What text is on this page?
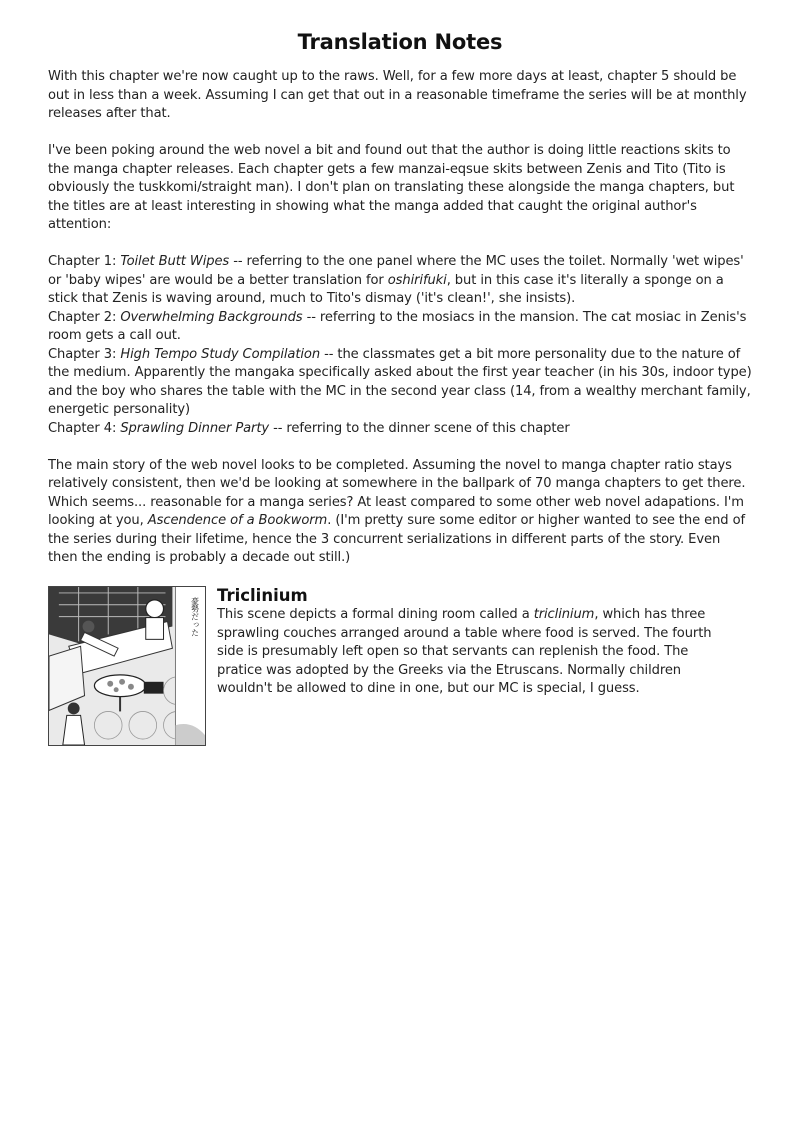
Translation Notes

With this chapter we're now caught up to the raws. Well, for a few more days at least, chapter 5 should be out in less than a week. Assuming I can get that out in a reasonable timeframe the series will be at monthly releases after that.

I've been poking around the web novel a bit and found out that the author is doing little reactions skits to the manga chapter releases. Each chapter gets a few manzai-eqsue skits between Zenis and Tito (Tito is obviously the tuskkomi/straight man). I don't plan on translating these alongside the manga chapters, but the titles are at least interesting in showing what the manga added that caught the original author's attention:

Chapter 1: Toilet Butt Wipes -- referring to the one panel where the MC uses the toilet. Normally 'wet wipes' or 'baby wipes' are would be a better translation for oshirifuki, but in this case it's literally a sponge on a stick that Zenis is waving around, much to Tito's dismay ('it's clean!', she insists).

Chapter 2: Overwhelming Backgrounds -- referring to the mosiacs in the mansion. The cat mosiac in Zenis's room gets a call out.

Chapter 3: High Tempo Study Compilation -- the classmates get a bit more personality due to the nature of the medium. Apparently the mangaka specifically asked about the first year teacher (in his 30s, indoor type) and the boy who shares the table with the MC in the second year class (14, from a wealthy merchant family, energetic personality)

Chapter 4: Sprawling Dinner Party -- referring to the dinner scene of this chapter

The main story of the web novel looks to be completed. Assuming the novel to manga chapter ratio stays relatively consistent, then we'd be looking at somewhere in the ballpark of 70 manga chapters to get there. Which seems... reasonable for a manga series? At least compared to some other web novel adapations. I'm looking at you, Ascendence of a Bookworm. (I'm pretty sure some editor or higher wanted to see the end of the series during their lifetime, hence the 3 concurrent serializations in different parts of the story. Even then the ending is probably a decade out still.)

豪勢だった
Triclinium

This scene depicts a formal dining room called a triclinium, which has three sprawling couches arranged around a table where food is served. The fourth side is presumably left open so that servants can replenish the food. The pratice was adopted by the Greeks via the Etruscans. Normally children wouldn't be allowed to dine in one, but our MC is special, I guess.
